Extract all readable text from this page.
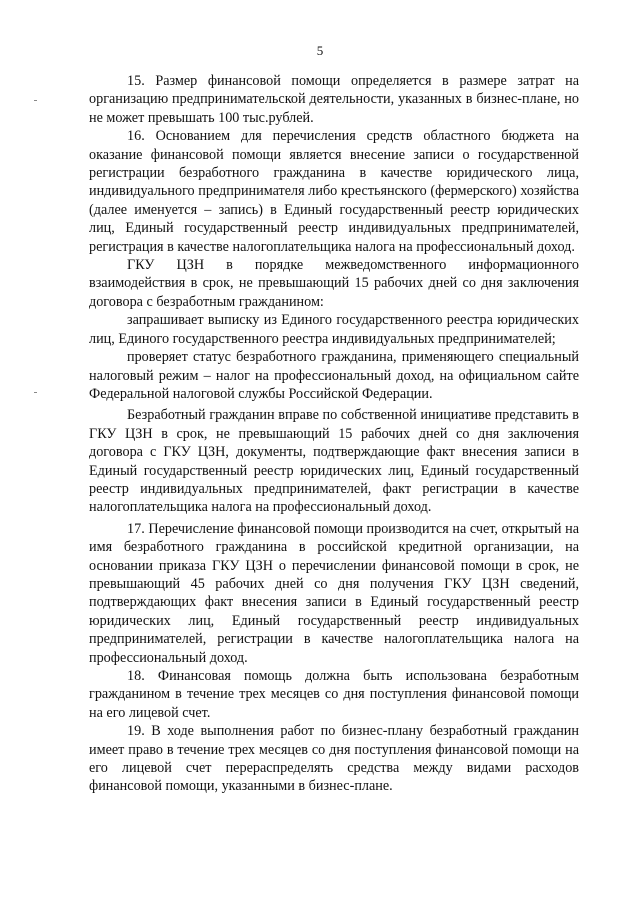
5

15. Размер финансовой помощи определяется в размере затрат на организацию предпринимательской деятельности, указанных в бизнес-плане, но не может превышать 100 тыс.рублей.

16. Основанием для перечисления средств областного бюджета на оказание финансовой помощи является внесение записи о государственной регистрации безработного гражданина в качестве юридического лица, индивидуального предпринимателя либо крестьянского (фермерского) хозяйства (далее именуется – запись) в Единый государственный реестр юридических лиц, Единый государственный реестр индивидуальных предпринимателей, регистрация в качестве налогоплательщика налога на профессиональный доход.

ГКУ ЦЗН в порядке межведомственного информационного взаимодействия в срок, не превышающий 15 рабочих дней со дня заключения договора с безработным гражданином:

запрашивает выписку из Единого государственного реестра юридических лиц, Единого государственного реестра индивидуальных предпринимателей;

проверяет статус безработного гражданина, применяющего специальный налоговый режим – налог на профессиональный доход, на официальном сайте Федеральной налоговой службы Российской Федерации.

Безработный гражданин вправе по собственной инициативе представить в ГКУ ЦЗН в срок, не превышающий 15 рабочих дней со дня заключения договора с ГКУ ЦЗН, документы, подтверждающие факт внесения записи в Единый государственный реестр юридических лиц, Единый государственный реестр индивидуальных предпринимателей, факт регистрации в качестве налогоплательщика налога на профессиональный доход.

17. Перечисление финансовой помощи производится на счет, открытый на имя безработного гражданина в российской кредитной организации, на основании приказа ГКУ ЦЗН о перечислении финансовой помощи в срок, не превышающий 45 рабочих дней со дня получения ГКУ ЦЗН сведений, подтверждающих факт внесения записи в Единый государственный реестр юридических лиц, Единый государственный реестр индивидуальных предпринимателей, регистрации в качестве налогоплательщика налога на профессиональный доход.

18. Финансовая помощь должна быть использована безработным гражданином в течение трех месяцев со дня поступления финансовой помощи на его лицевой счет.

19. В ходе выполнения работ по бизнес-плану безработный гражданин имеет право в течение трех месяцев со дня поступления финансовой помощи на его лицевой счет перераспределять средства между видами расходов финансовой помощи, указанными в бизнес-плане.
